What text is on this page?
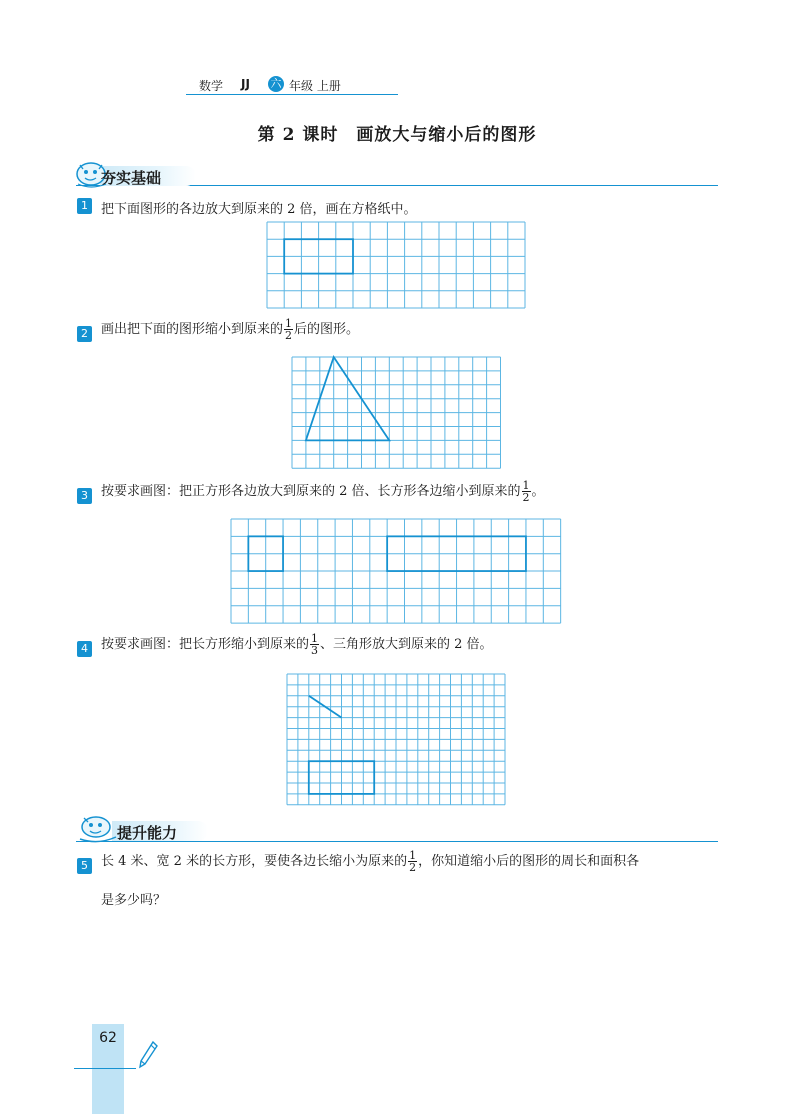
数学 JJ 六 年级 上册
第 2 课时　画放大与缩小后的图形
夯实基础
1	把下面图形的各边放大到原来的 2 倍，画在方格纸中。
2	画出把下面的图形缩小到原来的 $\frac{1}{2}$ 后的图形。
3	按要求画图：把正方形各边放大到原来的 2 倍、长方形各边缩小到原来的 $\frac{1}{2}$ 。
4	按要求画图：把长方形缩小到原来的 $\frac{1}{3}$ 、三角形放大到原来的 2 倍。
提升能力
5	长 4 米、宽 2 米的长方形，要使各边长缩小为原来的 $\frac{1}{2}$ ，你知道缩小后的图形的周长和面积各
是多少吗？
62
